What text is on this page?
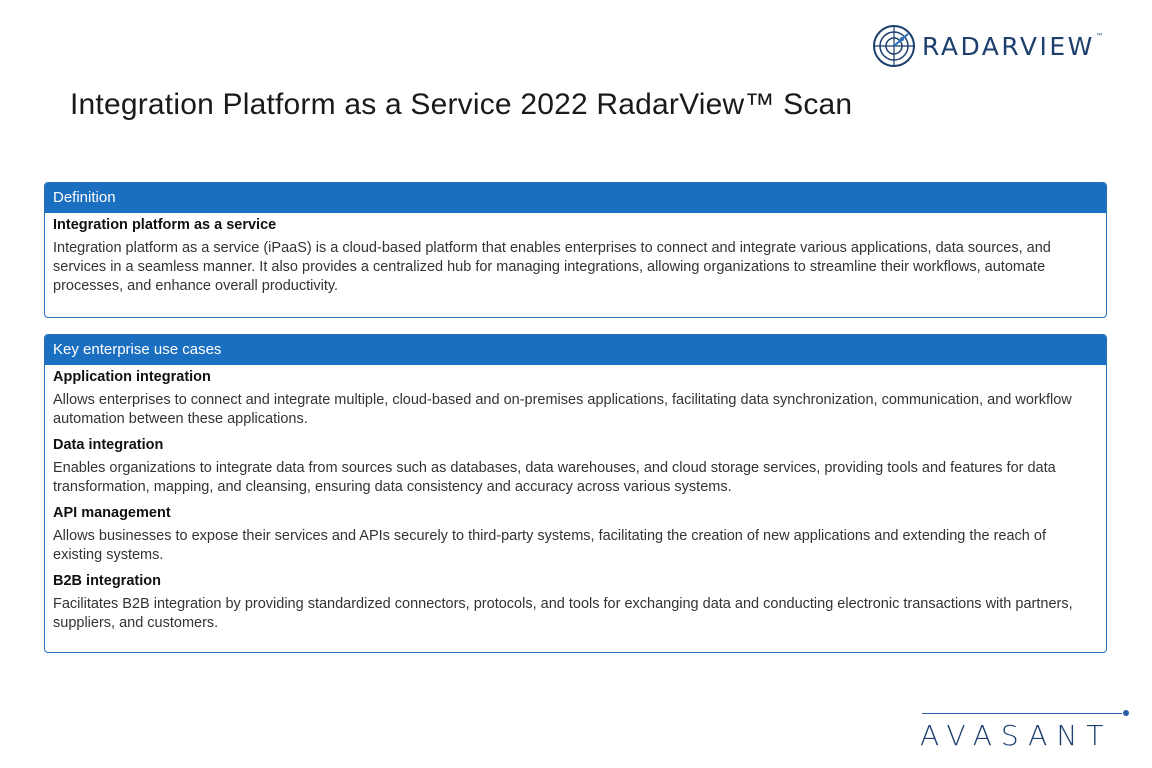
RADARVIEW™
Integration Platform as a Service 2022 RadarView™ Scan
Definition
Integration platform as a service
Integration platform as a service (iPaaS) is a cloud-based platform that enables enterprises to connect and integrate various applications, data sources, and services in a seamless manner. It also provides a centralized hub for managing integrations, allowing organizations to streamline their workflows, automate processes, and enhance overall productivity.
Key enterprise use cases
Application integration
Allows enterprises to connect and integrate multiple, cloud-based and on-premises applications, facilitating data synchronization, communication, and workflow automation between these applications.
Data integration
Enables organizations to integrate data from sources such as databases, data warehouses, and cloud storage services, providing tools and features for data transformation, mapping, and cleansing, ensuring data consistency and accuracy across various systems.
API management
Allows businesses to expose their services and APIs securely to third-party systems, facilitating the creation of new applications and extending the reach of existing systems.
B2B integration
Facilitates B2B integration by providing standardized connectors, protocols, and tools for exchanging data and conducting electronic transactions with partners, suppliers, and customers.
AVASANT
